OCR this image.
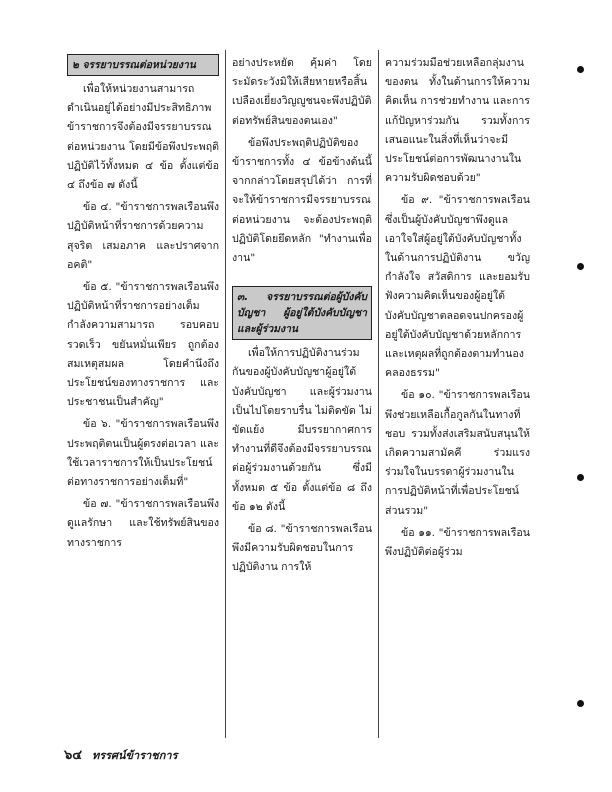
๒ จรรยาบรรณต่อหน่วยงาน

เพื่อให้หน่วยงานสามารถดำเนินอยู่ได้อย่างมีประสิทธิภาพ ข้าราชการจึงต้องมีจรรยาบรรณต่อหน่วยงาน โดยมีข้อพึงประพฤติปฏิบัติไว้ทั้งหมด ๔ ข้อ ตั้งแต่ข้อ ๔ ถึงข้อ ๗ ดังนี้

ข้อ ๔. "ข้าราชการพลเรือนพึงปฏิบัติหน้าที่ราชการด้วยความสุจริต เสมอภาค และปราศจากอคติ"

ข้อ ๕. "ข้าราชการพลเรือนพึงปฏิบัติหน้าที่ราชการอย่างเต็มกำลังความสามารถ รอบคอบ รวดเร็ว ขยันหมั่นเพียร ถูกต้อง สมเหตุสมผล โดยคำนึงถึงประโยชน์ของทางราชการ และประชาชนเป็นสำคัญ"

ข้อ ๖. "ข้าราชการพลเรือนพึงประพฤติตนเป็นผู้ตรงต่อเวลา และใช้เวลาราชการให้เป็นประโยชน์ต่อทางราชการอย่างเต็มที่"

ข้อ ๗. "ข้าราชการพลเรือนพึงดูแลรักษา และใช้ทรัพย์สินของทางราชการ

อย่างประหยัด คุ้มค่า โดยระมัดระวังมิให้เสียหายหรือสิ้นเปลืองเยี่ยงวิญญูชนจะพึงปฏิบัติต่อทรัพย์สินของตนเอง"

ข้อพึงประพฤติปฏิบัติของข้าราชการทั้ง ๔ ข้อข้างต้นนี้ จากกล่าวโดยสรุปได้ว่า การที่จะให้ข้าราชการมีจรรยาบรรณต่อหน่วยงาน จะต้องประพฤติปฏิบัติโดยยึดหลัก "ทำงานเพื่องาน"

๓. จรรยาบรรณต่อผู้บังคับบัญชา ผู้อยู่ใต้บังคับบัญชาและผู้ร่วมงาน

เพื่อให้การปฏิบัติงานร่วมกันของผู้บังคับบัญชาผู้อยู่ใต้บังคับบัญชา และผู้ร่วมงาน เป็นไปโดยราบรื่น ไม่ติดขัด ไม่ขัดแย้ง มีบรรยากาศการทำงานที่ดีจึงต้องมีจรรยาบรรณต่อผู้ร่วมงานด้วยกัน ซึ่งมีทั้งหมด ๕ ข้อ ตั้งแต่ข้อ ๘ ถึงข้อ ๑๒ ดังนี้

ข้อ ๘. "ข้าราชการพลเรือนพึงมีความรับผิดชอบในการปฏิบัติงาน การให้

ความร่วมมือช่วยเหลือกลุ่มงานของตน ทั้งในด้านการให้ความคิดเห็น การช่วยทำงาน และการแก้ปัญหาร่วมกัน รวมทั้งการเสนอแนะในสิ่งที่เห็นว่าจะมีประโยชน์ต่อการพัฒนางานในความรับผิดชอบด้วย"

ข้อ ๙. "ข้าราชการพลเรือนซึ่งเป็นผู้บังคับบัญชาพึงดูแลเอาใจใส่ผู้อยู่ใต้บังคับบัญชาทั้งในด้านการปฏิบัติงาน ขวัญ กำลังใจ สวัสดิการ และยอมรับฟังความคิดเห็นของผู้อยู่ใต้บังคับบัญชาตลอดจนปกครองผู้อยู่ใต้บังคับบัญชาด้วยหลักการและเหตุผลที่ถูกต้องตามทำนองคลองธรรม"

ข้อ ๑๐. "ข้าราชการพลเรือนพึงช่วยเหลือเกื้อกูลกันในทางที่ชอบ รวมทั้งส่งเสริมสนับสนุนให้เกิดความสามัคคี ร่วมแรง ร่วมใจในบรรดาผู้ร่วมงานในการปฏิบัติหน้าที่เพื่อประโยชน์ส่วนรวม"

ข้อ ๑๑. "ข้าราชการพลเรือนพึงปฏิบัติต่อผู้ร่วม

๖๔ ทรรศน์ข้าราชการ
